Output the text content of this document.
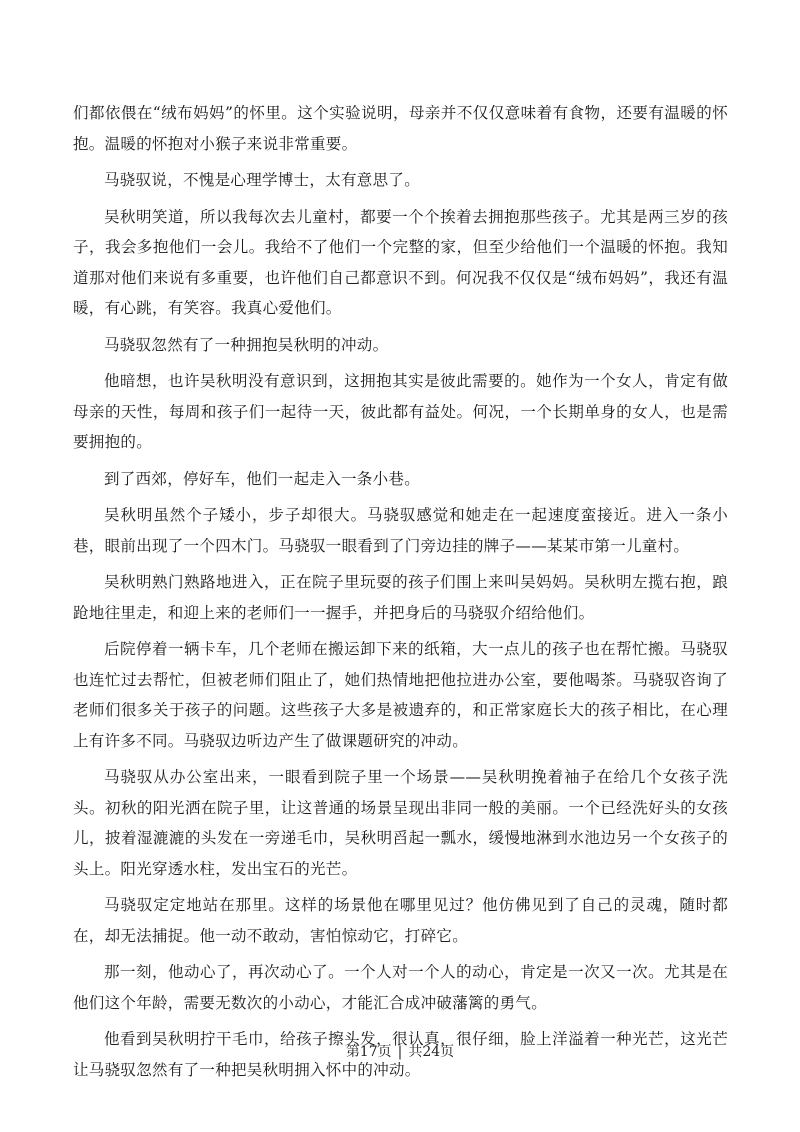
们都依偎在“绒布妈妈”的怀里。这个实验说明，母亲并不仅仅意味着有食物，还要有温暖的怀抱。温暖的怀抱对小猴子来说非常重要。

马骁驭说，不愧是心理学博士，太有意思了。

吴秋明笑道，所以我每次去儿童村，都要一个个挨着去拥抱那些孩子。尤其是两三岁的孩子，我会多抱他们一会儿。我给不了他们一个完整的家，但至少给他们一个温暖的怀抱。我知道那对他们来说有多重要，也许他们自己都意识不到。何况我不仅仅是“绒布妈妈”，我还有温暖，有心跳，有笑容。我真心爱他们。

马骁驭忽然有了一种拥抱吴秋明的冲动。

他暗想，也许吴秋明没有意识到，这拥抱其实是彼此需要的。她作为一个女人，肯定有做母亲的天性，每周和孩子们一起待一天，彼此都有益处。何况，一个长期单身的女人，也是需要拥抱的。

到了西郊，停好车，他们一起走入一条小巷。

吴秋明虽然个子矮小，步子却很大。马骁驭感觉和她走在一起速度蛮接近。进入一条小巷，眼前出现了一个四木门。马骁驭一眼看到了门旁边挂的牌子——某某市第一儿童村。

吴秋明熟门熟路地进入，正在院子里玩耍的孩子们围上来叫吴妈妈。吴秋明左揽右抱，踉跄地往里走，和迎上来的老师们一一握手，并把身后的马骁驭介绍给他们。

后院停着一辆卡车，几个老师在搬运卸下来的纸箱，大一点儿的孩子也在帮忙搬。马骁驭也连忙过去帮忙，但被老师们阻止了，她们热情地把他拉进办公室，要他喝茶。马骁驭咨询了老师们很多关于孩子的问题。这些孩子大多是被遗弃的，和正常家庭长大的孩子相比，在心理上有许多不同。马骁驭边听边产生了做课题研究的冲动。

马骁驭从办公室出来，一眼看到院子里一个场景——吴秋明挽着袖子在给几个女孩子洗头。初秋的阳光洒在院子里，让这普通的场景呈现出非同一般的美丽。一个已经洗好头的女孩儿，披着湿漉漉的头发在一旁递毛巾，吴秋明舀起一瓢水，缓慢地淋到水池边另一个女孩子的头上。阳光穿透水柱，发出宝石的光芒。

马骁驭定定地站在那里。这样的场景他在哪里见过？他仿佛见到了自己的灵魂，随时都在，却无法捕捉。他一动不敢动，害怕惊动它，打碎它。

那一刻，他动心了，再次动心了。一个人对一个人的动心，肯定是一次又一次。尤其是在他们这个年龄，需要无数次的小动心，才能汇合成冲破藩篱的勇气。

他看到吴秋明拧干毛巾，给孩子擦头发，很认真，很仔细，脸上洋溢着一种光芒，这光芒让马骁驭忽然有了一种把吴秋明拥入怀中的冲动。

第17页 | 共24页
